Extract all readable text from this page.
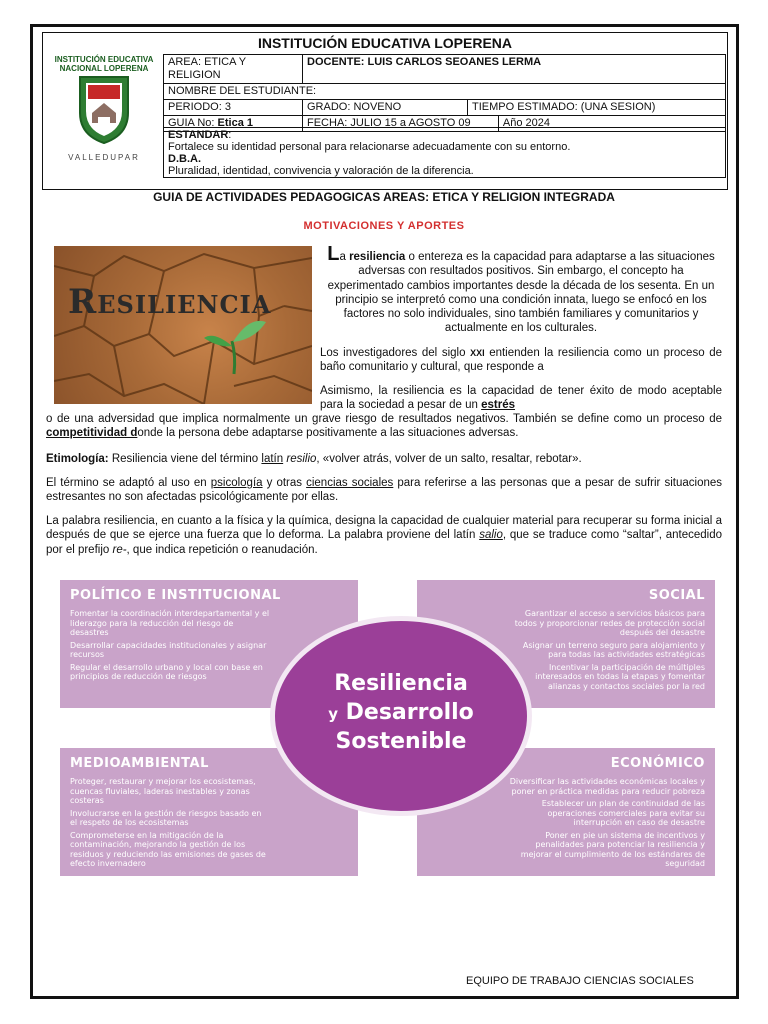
INSTITUCIÓN EDUCATIVA LOPERENA
INSTITUCIÓN EDUCATIVA
NACIONAL LOPERENA
VALLEDUPAR
AREA: ETICA Y RELIGION	DOCENTE: LUIS CARLOS SEOANES LERMA		
NOMBRE DEL ESTUDIANTE:			
PERIODO: 3	GRADO: NOVENO	TIEMPO ESTIMADO: (UNA SESION)	
GUIA No: Etica 1	FECHA: JULIO 15 a AGOSTO 09		Año 2024
ESTANDAR:
Fortalece su identidad personal para relacionarse adecuadamente con su entorno.
D.B.A.
Pluralidad, identidad, convivencia y valoración de la diferencia.
GUIA DE ACTIVIDADES PEDAGOGICAS AREAS: ETICA Y RELIGION INTEGRADA
MOTIVACIONES Y APORTES
RESILIENCIA
La resiliencia o entereza es la capacidad para adaptarse a las situaciones adversas con resultados positivos. Sin embargo, el concepto ha experimentado cambios importantes desde la década de los sesenta. En un principio se interpretó como una condición innata, luego se enfocó en los factores no solo individuales, sino también familiares y comunitarios y actualmente en los culturales.
Los investigadores del siglo XXI entienden la resiliencia como un proceso de baño comunitario y cultural, que responde a
Asimismo, la resiliencia es la capacidad de tener éxito de modo aceptable para la sociedad a pesar de un estrés
o de una adversidad que implica normalmente un grave riesgo de resultados negativos. También se define como un proceso de competitividad donde la persona debe adaptarse positivamente a las situaciones adversas.
Etimología: Resiliencia viene del término latín resilio, «volver atrás, volver de un salto, resaltar, rebotar».
El término se adaptó al uso en psicología y otras ciencias sociales para referirse a las personas que a pesar de sufrir situaciones estresantes no son afectadas psicológicamente por ellas.
La palabra resiliencia, en cuanto a la física y la química, designa la capacidad de cualquier material para recuperar su forma inicial a después de que se ejerce una fuerza que lo deforma. La palabra proviene del latín salio, que se traduce como “saltar”, antecedido por el prefijo re-, que indica repetición o reanudación.
POLÍTICO E INSTITUCIONAL
Fomentar la coordinación interdepartamental y el liderazgo para la reducción del riesgo de desastres
Desarrollar capacidades institucionales y asignar recursos
Regular el desarrollo urbano y local con base en principios de reducción de riesgos
SOCIAL
Garantizar el acceso a servicios básicos para todos y proporcionar redes de protección social después del desastre
Asignar un terreno seguro para alojamiento y para todas las actividades estratégicas
Incentivar la participación de múltiples interesados en todas la etapas y fomentar alianzas y contactos sociales por la red
MEDIOAMBIENTAL
Proteger, restaurar y mejorar los ecosistemas, cuencas fluviales, laderas inestables y zonas costeras
Involucrarse en la gestión de riesgos basado en el respeto de los ecosistemas
Comprometerse en la mitigación de la contaminación, mejorando la gestión de los residuos y reduciendo las emisiones de gases de efecto invernadero
ECONÓMICO
Diversificar las actividades económicas locales y poner en práctica medidas para reducir pobreza
Establecer un plan de continuidad de las operaciones comerciales para evitar su interrupción en caso de desastre
Poner en pie un sistema de incentivos y penalidades para potenciar la resiliencia y mejorar el cumplimiento de los estándares de seguridad
Resiliencia
y Desarrollo
Sostenible
EQUIPO DE TRABAJO CIENCIAS SOCIALES
